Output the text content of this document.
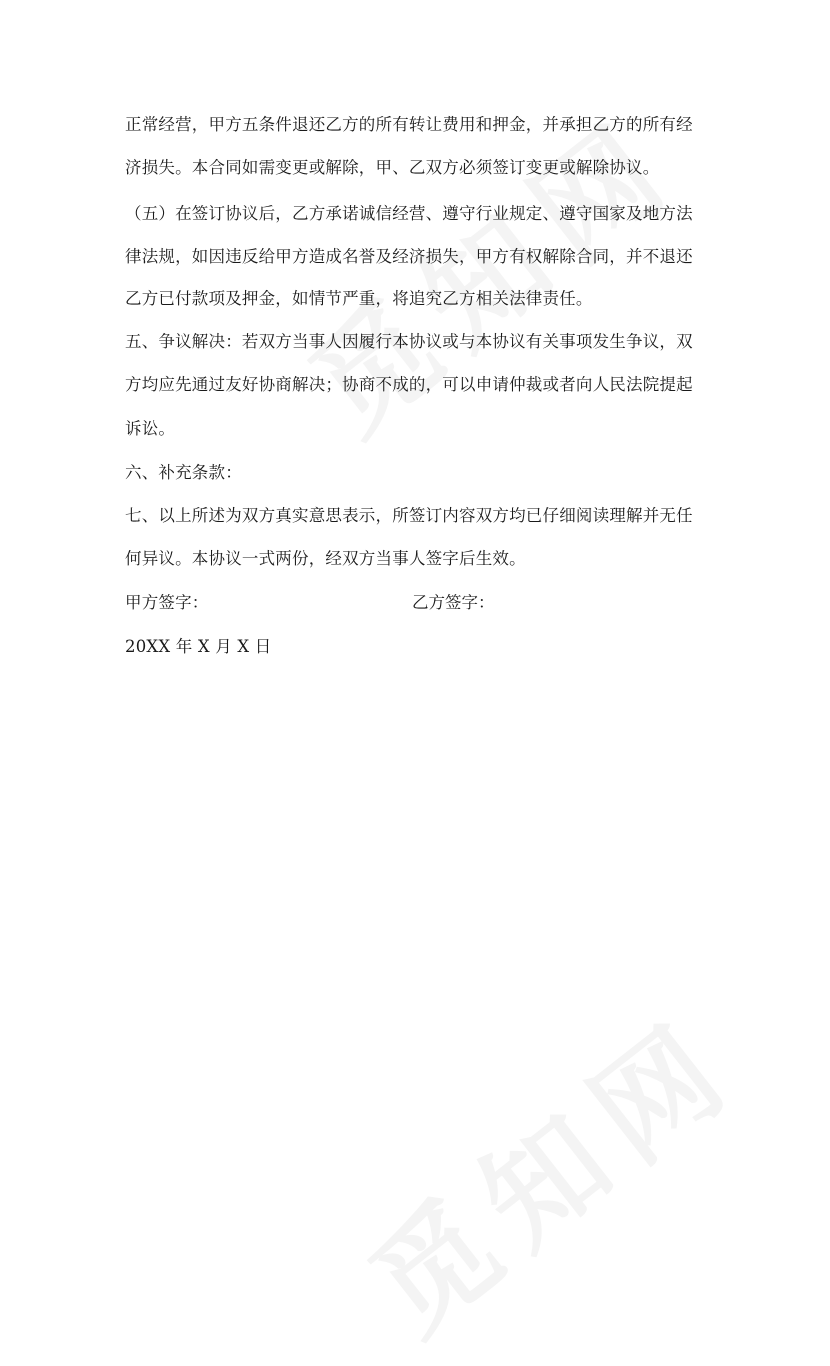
正常经营，甲方五条件退还乙方的所有转让费用和押金，并承担乙方的所有经
济损失。本合同如需变更或解除，甲、乙双方必须签订变更或解除协议。
（五）在签订协议后，乙方承诺诚信经营、遵守行业规定、遵守国家及地方法
律法规，如因违反给甲方造成名誉及经济损失，甲方有权解除合同，并不退还
乙方已付款项及押金，如情节严重，将追究乙方相关法律责任。
五、争议解决：若双方当事人因履行本协议或与本协议有关事项发生争议，双
方均应先通过友好协商解决；协商不成的，可以申请仲裁或者向人民法院提起
诉讼。
六、补充条款：
七、以上所述为双方真实意思表示，所签订内容双方均已仔细阅读理解并无任
何异议。本协议一式两份，经双方当事人签字后生效。
甲方签字：	乙方签字：
20XX 年 X 月 X 日
